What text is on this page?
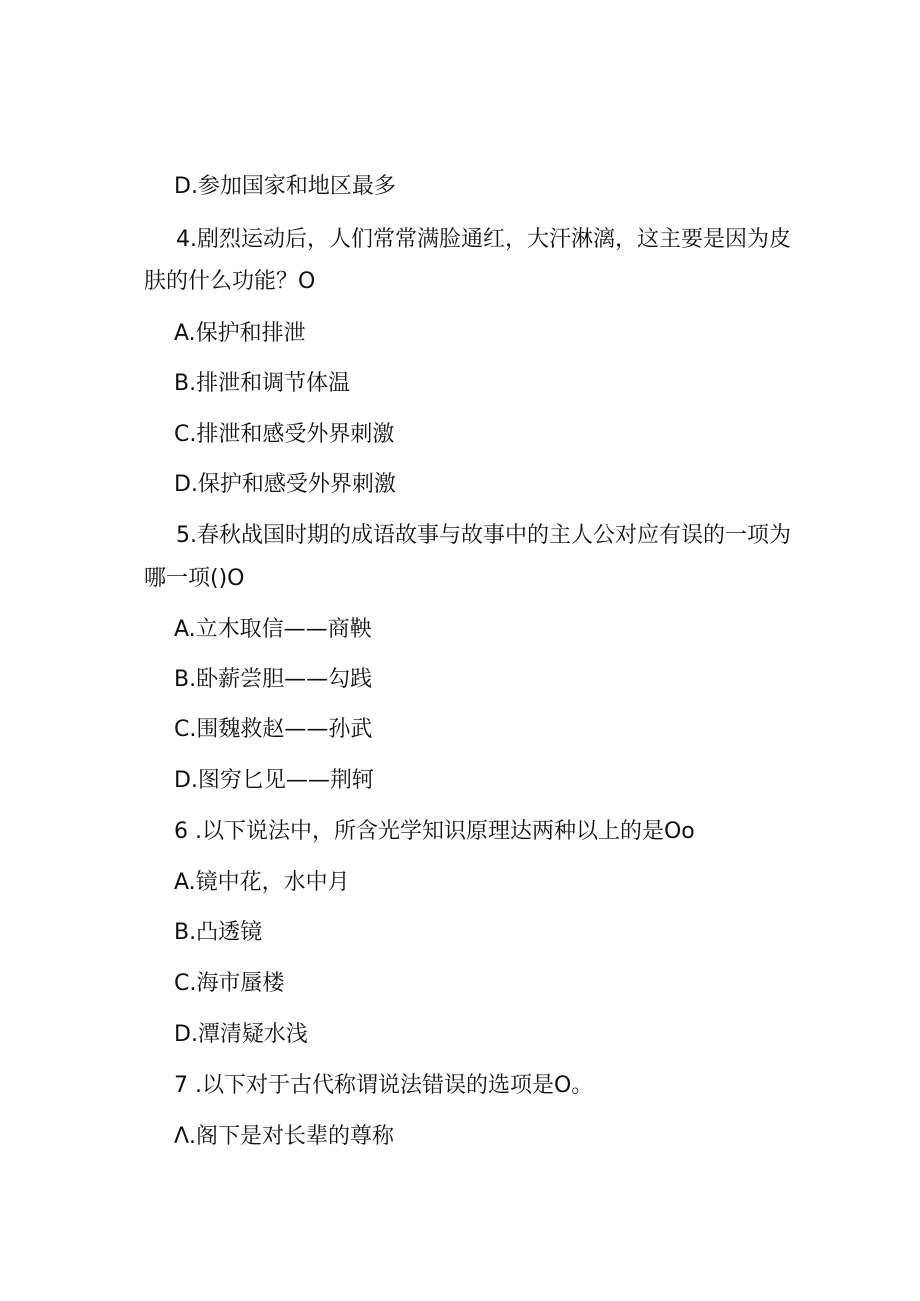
D.参加国家和地区最多
4.剧烈运动后，人们常常满脸通红，大汗淋漓，这主要是因为皮
肤的什么功能？O
A.保护和排泄
B.排泄和调节体温
C.排泄和感受外界刺激
D.保护和感受外界刺激
5.春秋战国时期的成语故事与故事中的主人公对应有误的一项为
哪一项()O
A.立木取信——商鞅
B.卧薪尝胆——勾践
C.围魏救赵——孙武
D.图穷匕见——荆轲
6 .以下说法中，所含光学知识原理达两种以上的是Oo
A.镜中花，水中月
B.凸透镜
C.海市蜃楼
D.潭清疑水浅
7 .以下对于古代称谓说法错误的选项是O。
Λ.阁下是对长辈的尊称
